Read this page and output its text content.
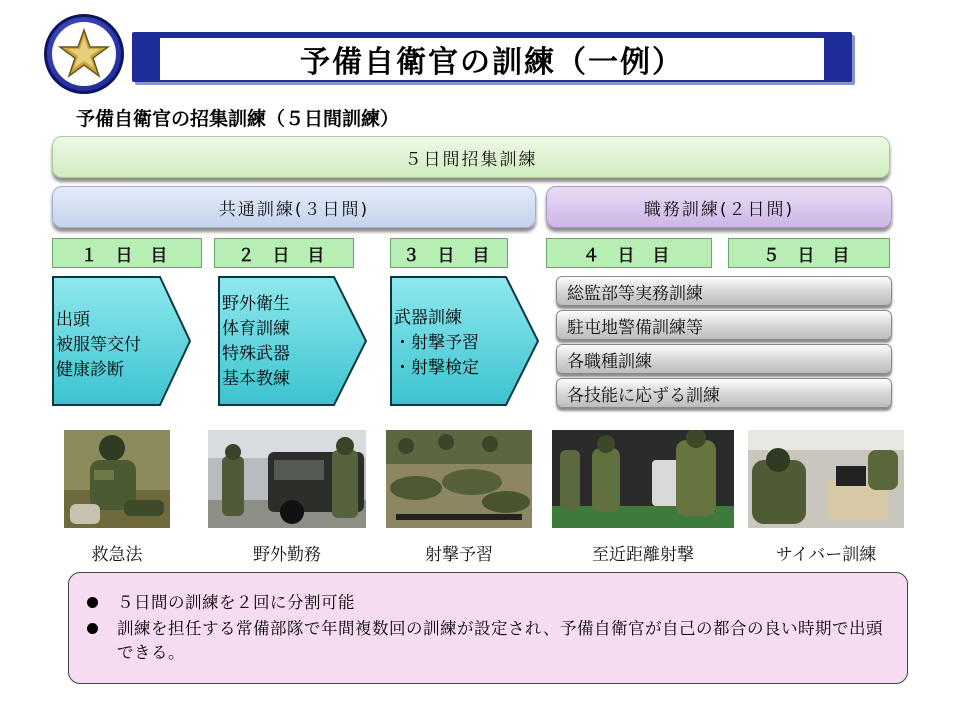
予備自衛官の訓練（一例）
予備自衛官の招集訓練（５日間訓練）
５日間招集訓練
共通訓練(３日間)	職務訓練(２日間)
１ 日 目	２ 日 目	３ 日 目	４ 日 目	５ 日 目
出頭
被服等交付
健康診断
野外衛生
体育訓練
特殊武器
基本教練
武器訓練
・射撃予習
・射撃検定
総監部等実務訓練
駐屯地警備訓練等
各職種訓練
各技能に応ずる訓練
救急法	野外勤務	射撃予習	至近距離射撃	サイバー訓練
５日間の訓練を２回に分割可能
訓練を担任する常備部隊で年間複数回の訓練が設定され、予備自衛官が自己の都合の良い時期で出頭できる。
